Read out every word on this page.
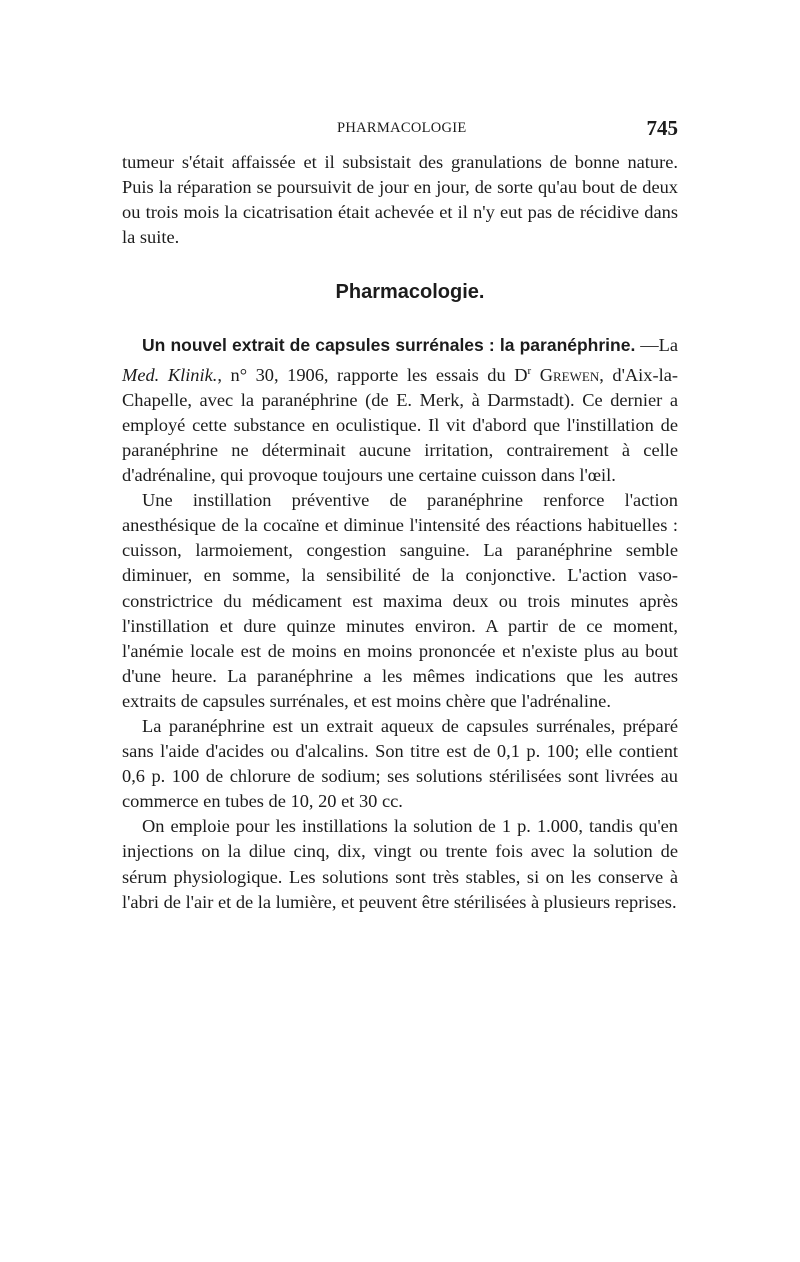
PHARMACOLOGIE	745

tumeur s'était affaissée et il subsistait des granulations de bonne nature. Puis la réparation se poursuivit de jour en jour, de sorte qu'au bout de deux ou trois mois la cicatrisation était achevée et il n'y eut pas de récidive dans la suite.

Pharmacologie.

Un nouvel extrait de capsules surrénales : la paranéphrine. —La Med. Klinik., n° 30, 1906, rapporte les essais du $D^r$ Grewen, d'Aix-la-Chapelle, avec la paranéphrine (de E. Merk, à Darmstadt). Ce dernier a employé cette substance en oculistique. Il vit d'abord que l'instillation de paranéphrine ne déterminait aucune irritation, contrairement à celle d'adrénaline, qui provoque toujours une certaine cuisson dans l'œil.

Une instillation préventive de paranéphrine renforce l'action anesthésique de la cocaïne et diminue l'intensité des réactions habituelles : cuisson, larmoiement, congestion sanguine. La paranéphrine semble diminuer, en somme, la sensibilité de la conjonctive. L'action vaso-constrictrice du médicament est maxima deux ou trois minutes après l'instillation et dure quinze minutes environ. A partir de ce moment, l'anémie locale est de moins en moins prononcée et n'existe plus au bout d'une heure. La paranéphrine a les mêmes indications que les autres extraits de capsules surrénales, et est moins chère que l'adrénaline.

La paranéphrine est un extrait aqueux de capsules surrénales, préparé sans l'aide d'acides ou d'alcalins. Son titre est de 0,1 p. 100; elle contient 0,6 p. 100 de chlorure de sodium; ses solutions stérilisées sont livrées au commerce en tubes de 10, 20 et 30 cc.

On emploie pour les instillations la solution de 1 p. 1.000, tandis qu'en injections on la dilue cinq, dix, vingt ou trente fois avec la solution de sérum physiologique. Les solutions sont très stables, si on les conserve à l'abri de l'air et de la lumière, et peuvent être stérilisées à plusieurs reprises.
